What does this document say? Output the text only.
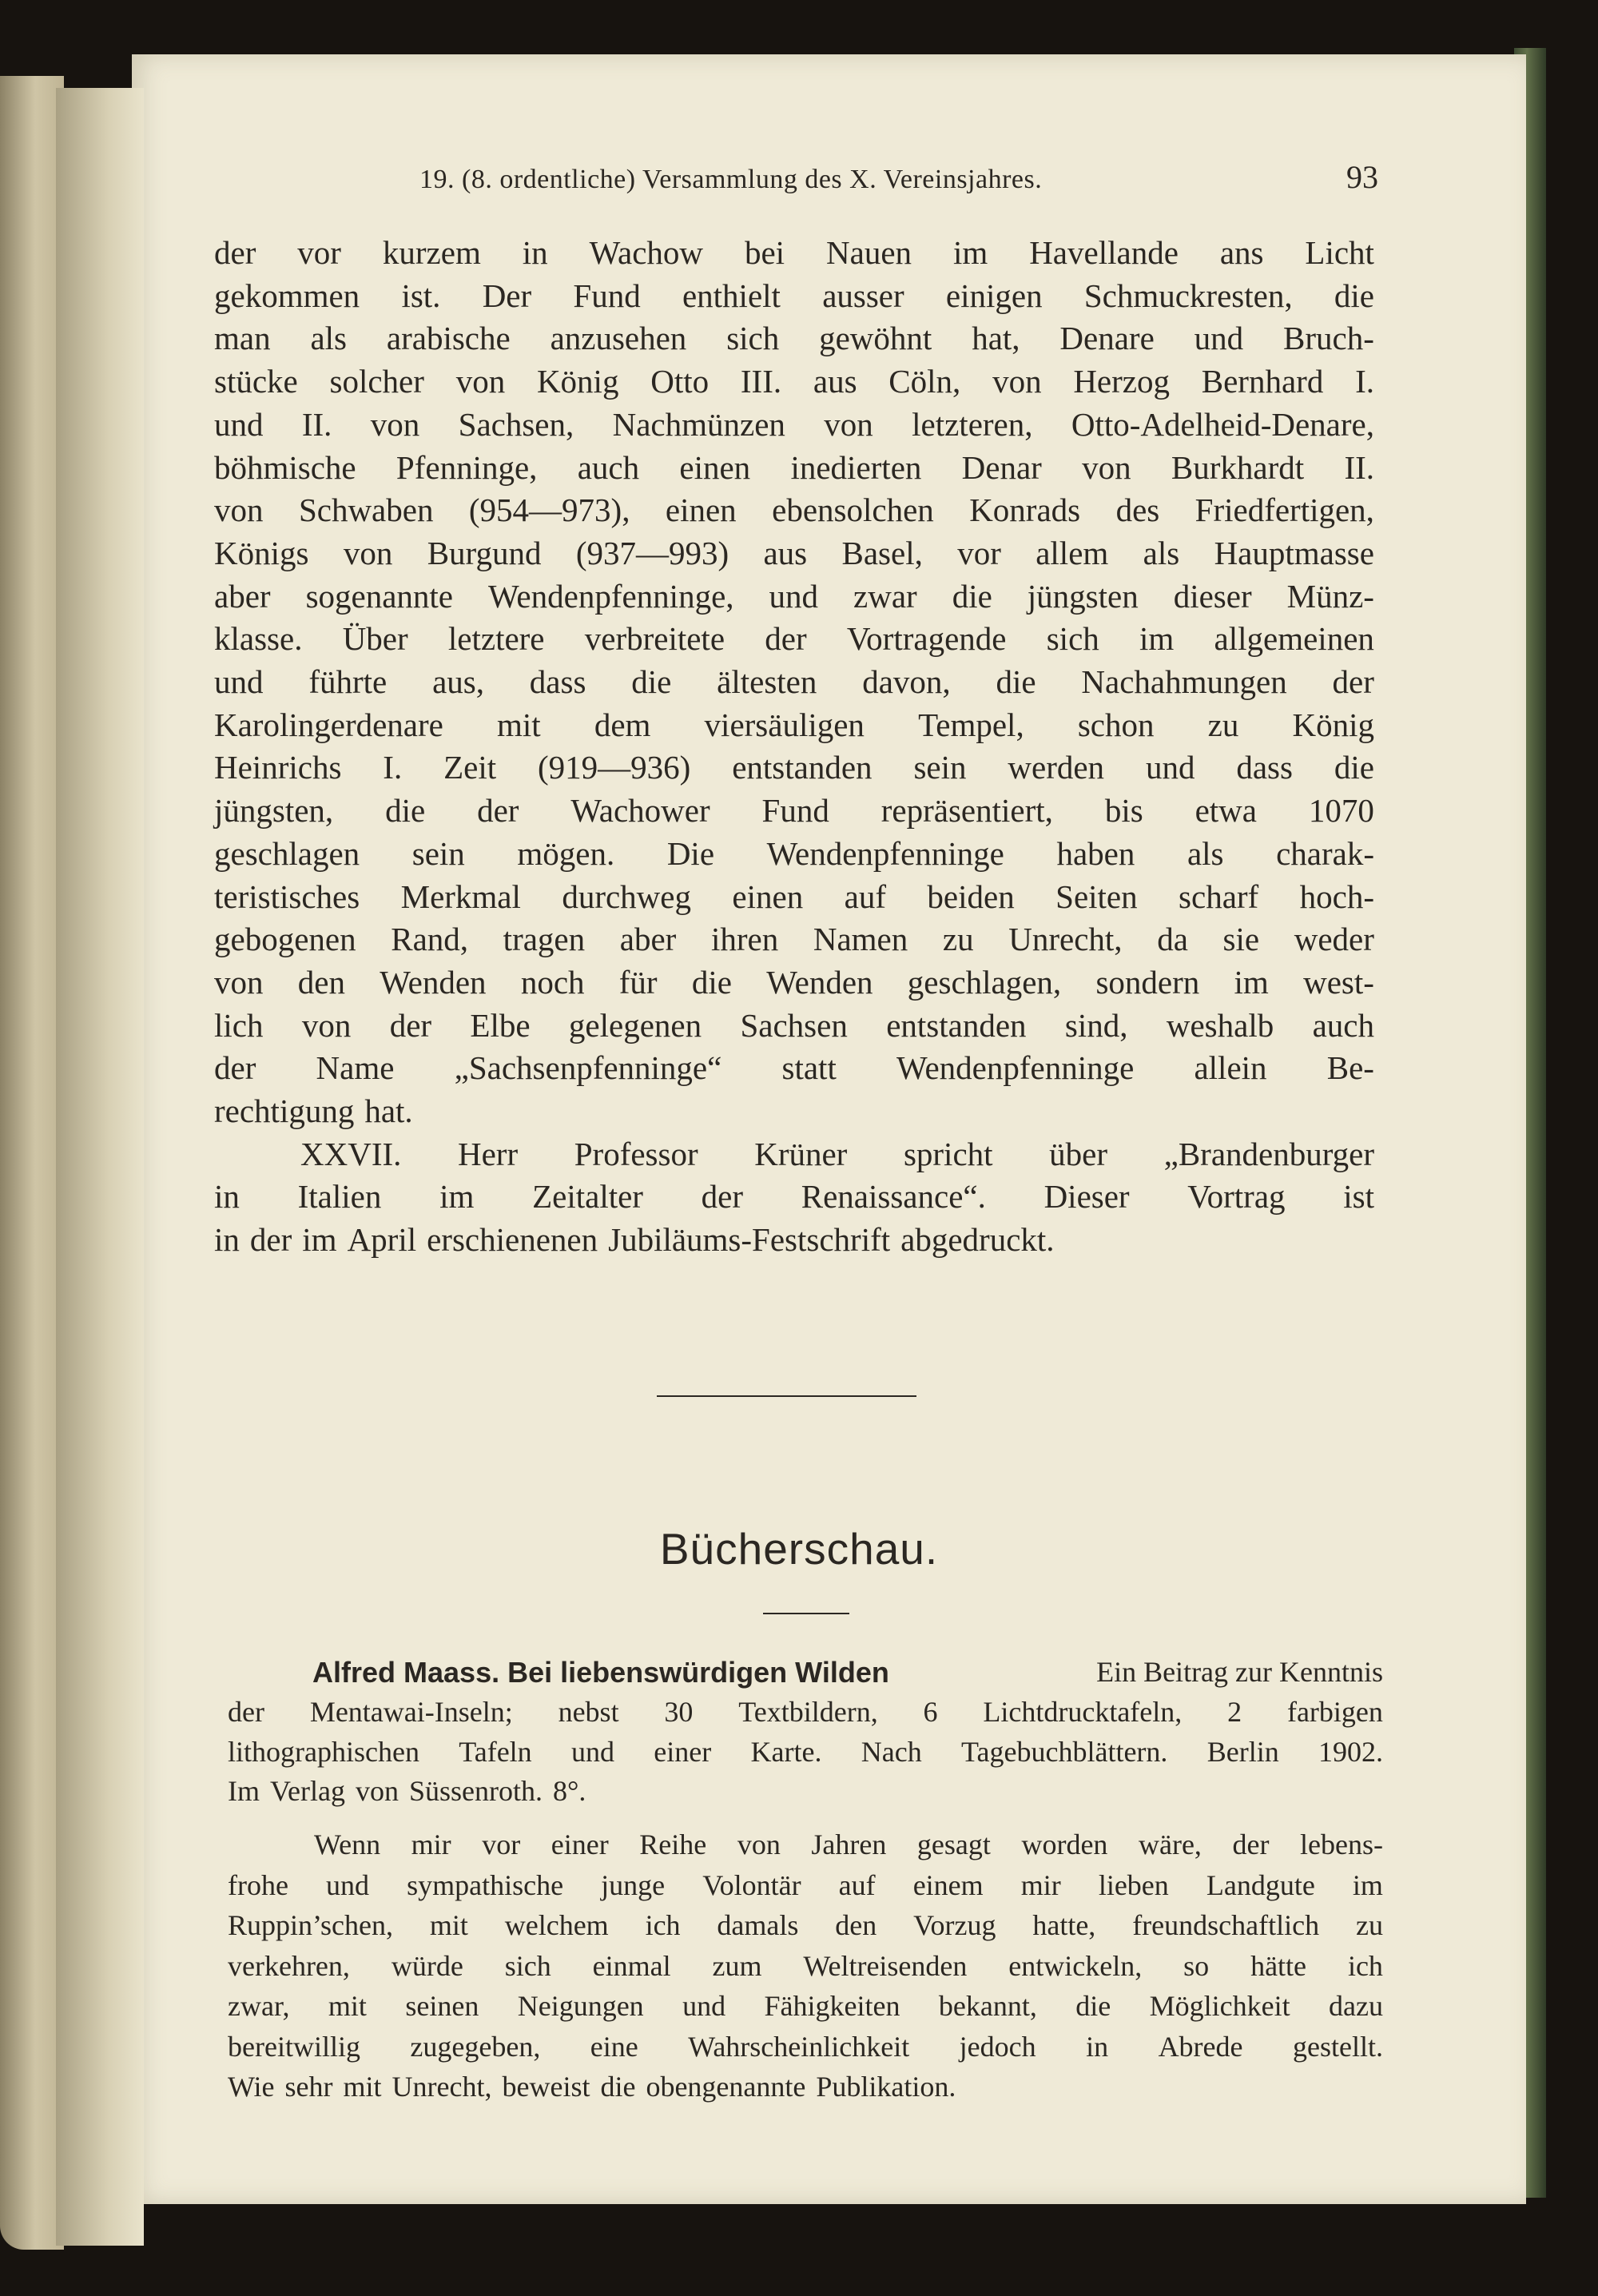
19. (8. ordentliche) Versammlung des X. Vereinsjahres.	93
der vor kurzem in Wachow bei Nauen im Havellande ans Licht
gekommen ist. Der Fund enthielt ausser einigen Schmuckresten, die
man als arabische anzusehen sich gewöhnt hat, Denare und Bruch-
stücke solcher von König Otto III. aus Cöln, von Herzog Bernhard I.
und II. von Sachsen, Nachmünzen von letzteren, Otto-Adelheid-Denare,
böhmische Pfenninge, auch einen inedierten Denar von Burkhardt II.
von Schwaben (954—973), einen ebensolchen Konrads des Friedfertigen,
Königs von Burgund (937—993) aus Basel, vor allem als Hauptmasse
aber sogenannte Wendenpfenninge, und zwar die jüngsten dieser Münz-
klasse. Über letztere verbreitete der Vortragende sich im allgemeinen
und führte aus, dass die ältesten davon, die Nachahmungen der
Karolingerdenare mit dem viersäuligen Tempel, schon zu König
Heinrichs I. Zeit (919—936) entstanden sein werden und dass die
jüngsten, die der Wachower Fund repräsentiert, bis etwa 1070
geschlagen sein mögen. Die Wendenpfenninge haben als charak-
teristisches Merkmal durchweg einen auf beiden Seiten scharf hoch-
gebogenen Rand, tragen aber ihren Namen zu Unrecht, da sie weder
von den Wenden noch für die Wenden geschlagen, sondern im west-
lich von der Elbe gelegenen Sachsen entstanden sind, weshalb auch
der Name „Sachsenpfenninge“ statt Wendenpfenninge allein Be-
rechtigung hat.
XXVII. Herr Professor Krüner spricht über „Brandenburger
in Italien im Zeitalter der Renaissance“. Dieser Vortrag ist
in der im April erschienenen Jubiläums-Festschrift abgedruckt.
Bücherschau.
Alfred Maass. Bei liebenswürdigen Wilden	Ein Beitrag zur Kenntnis
der Mentawai-Inseln; nebst 30 Textbildern, 6 Lichtdrucktafeln, 2 farbigen
lithographischen Tafeln und einer Karte. Nach Tagebuchblättern. Berlin 1902.
Im Verlag von Süssenroth. 8°.
Wenn mir vor einer Reihe von Jahren gesagt worden wäre, der lebens-
frohe und sympathische junge Volontär auf einem mir lieben Landgute im
Ruppin’schen, mit welchem ich damals den Vorzug hatte, freundschaftlich zu
verkehren, würde sich einmal zum Weltreisenden entwickeln, so hätte ich
zwar, mit seinen Neigungen und Fähigkeiten bekannt, die Möglichkeit dazu
bereitwillig zugegeben, eine Wahrscheinlichkeit jedoch in Abrede gestellt.
Wie sehr mit Unrecht, beweist die obengenannte Publikation.
